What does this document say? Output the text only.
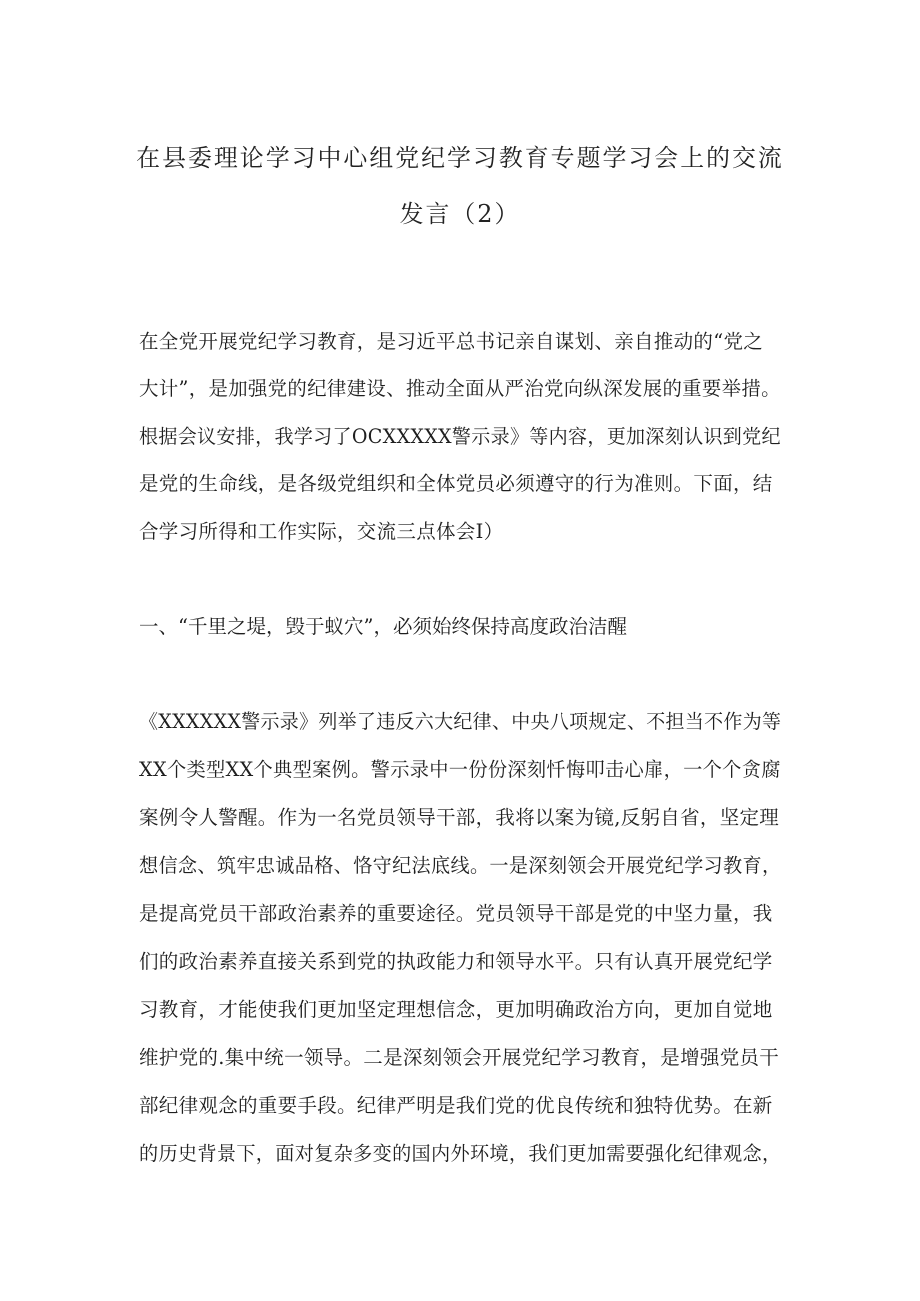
在县委理论学习中心组党纪学习教育专题学习会上的交流
发言（2）
在全党开展党纪学习教育，是习近平总书记亲自谋划、亲自推动的“党之
大计”，是加强党的纪律建设、推动全面从严治党向纵深发展的重要举措。
根据会议安排，我学习了OCXXXXX警示录》等内容，更加深刻认识到党纪
是党的生命线，是各级党组织和全体党员必须遵守的行为准则。下面，结
合学习所得和工作实际，交流三点体会I）
一、“千里之堤，毁于蚁穴”，必须始终保持高度政治洁醒
《XXXXXX警示录》列举了违反六大纪律、中央八项规定、不担当不作为等
XX个类型XX个典型案例。警示录中一份份深刻忏悔叩击心扉，一个个贪腐
案例令人警醒。作为一名党员领导干部，我将以案为镜,反躬自省，坚定理
想信念、筑牢忠诚品格、恪守纪法底线。一是深刻领会开展党纪学习教育，
是提高党员干部政治素养的重要途径。党员领导干部是党的中坚力量，我
们的政治素养直接关系到党的执政能力和领导水平。只有认真开展党纪学
习教育，才能使我们更加坚定理想信念，更加明确政治方向，更加自觉地
维护党的.集中统一领导。二是深刻领会开展党纪学习教育，是增强党员干
部纪律观念的重要手段。纪律严明是我们党的优良传统和独特优势。在新
的历史背景下，面对复杂多变的国内外环境，我们更加需要强化纪律观念，
